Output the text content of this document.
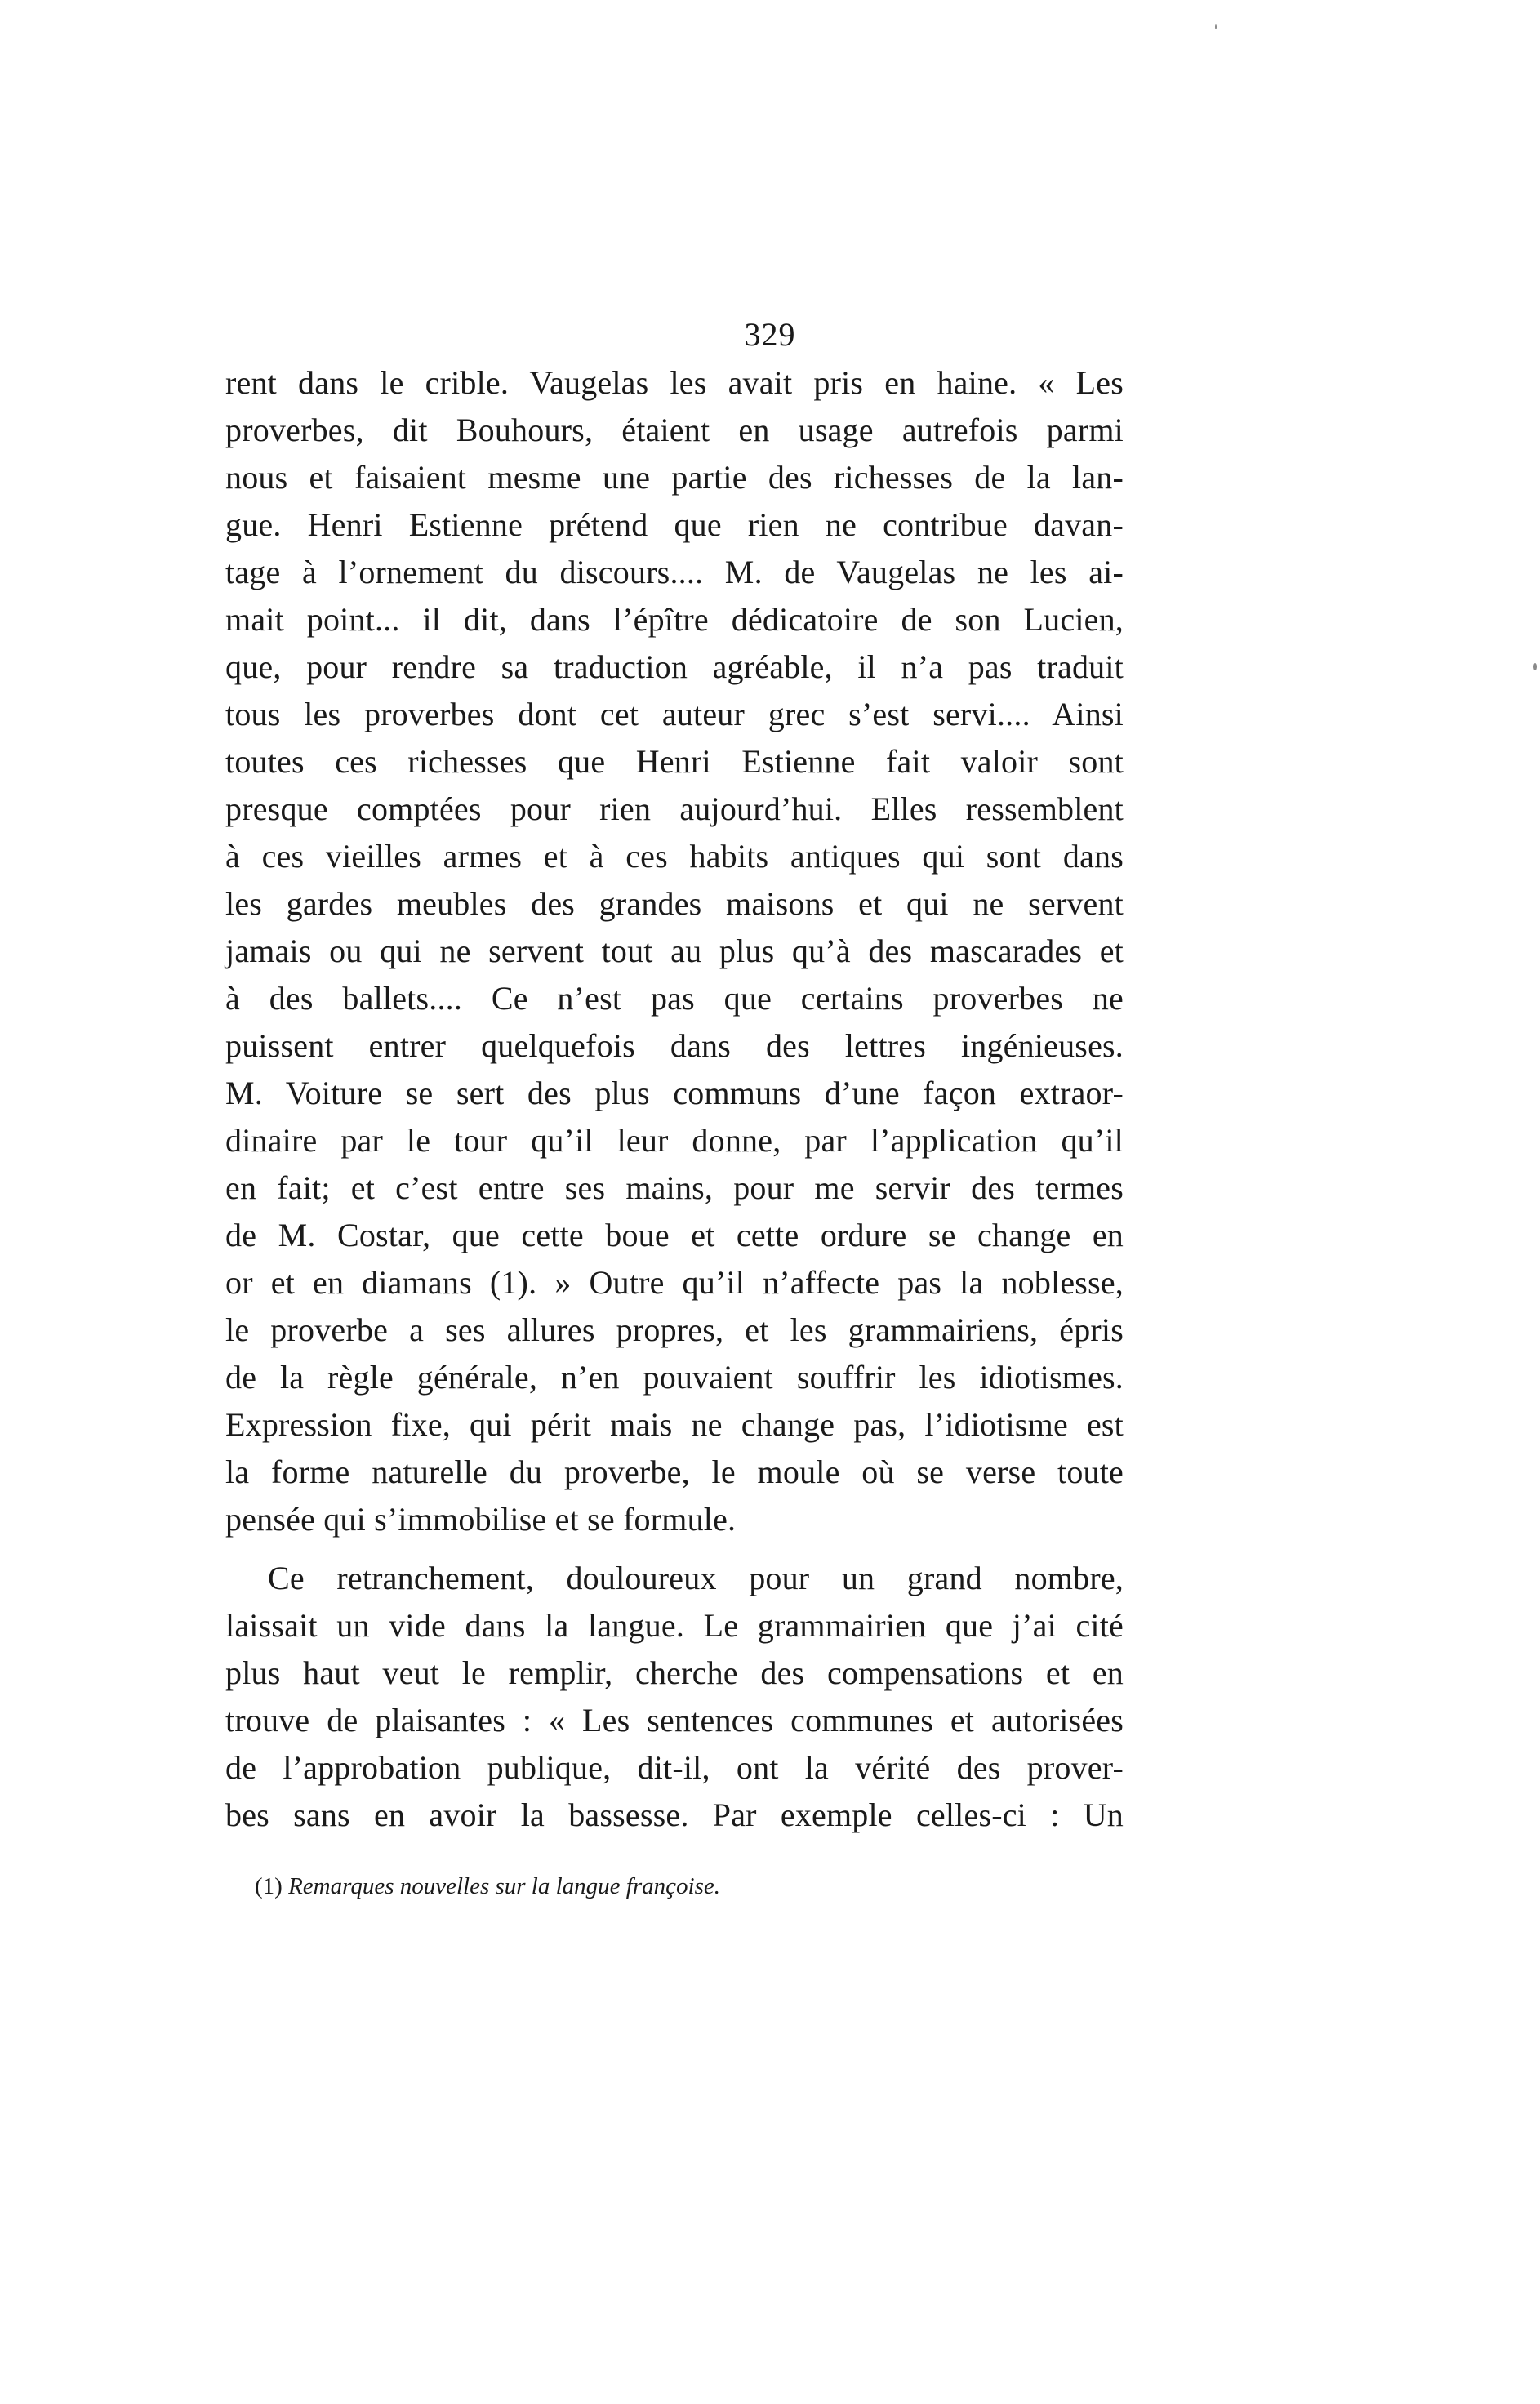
329
rent dans le crible. Vaugelas les avait pris en haine. « Les
proverbes, dit Bouhours, étaient en usage autrefois parmi
nous et faisaient mesme une partie des richesses de la lan-
gue. Henri Estienne prétend que rien ne contribue davan-
tage à l’ornement du discours.... M. de Vaugelas ne les ai-
mait point... il dit, dans l’épître dédicatoire de son Lucien,
que, pour rendre sa traduction agréable, il n’a pas traduit
tous les proverbes dont cet auteur grec s’est servi.... Ainsi
toutes ces richesses que Henri Estienne fait valoir sont
presque comptées pour rien aujourd’hui. Elles ressemblent
à ces vieilles armes et à ces habits antiques qui sont dans
les gardes meubles des grandes maisons et qui ne servent
jamais ou qui ne servent tout au plus qu’à des mascarades et
à des ballets.... Ce n’est pas que certains proverbes ne
puissent entrer quelquefois dans des lettres ingénieuses.
M. Voiture se sert des plus communs d’une façon extraor-
dinaire par le tour qu’il leur donne, par l’application qu’il
en fait; et c’est entre ses mains, pour me servir des termes
de M. Costar, que cette boue et cette ordure se change en
or et en diamans (1). » Outre qu’il n’affecte pas la noblesse,
le proverbe a ses allures propres, et les grammairiens, épris
de la règle générale, n’en pouvaient souffrir les idiotismes.
Expression fixe, qui périt mais ne change pas, l’idiotisme est
la forme naturelle du proverbe, le moule où se verse toute
pensée qui s’immobilise et se formule.
Ce retranchement, douloureux pour un grand nombre,
laissait un vide dans la langue. Le grammairien que j’ai cité
plus haut veut le remplir, cherche des compensations et en
trouve de plaisantes : « Les sentences communes et autorisées
de l’approbation publique, dit-il, ont la vérité des prover-
bes sans en avoir la bassesse. Par exemple celles-ci : Un
(1) Remarques nouvelles sur la langue françoise.
